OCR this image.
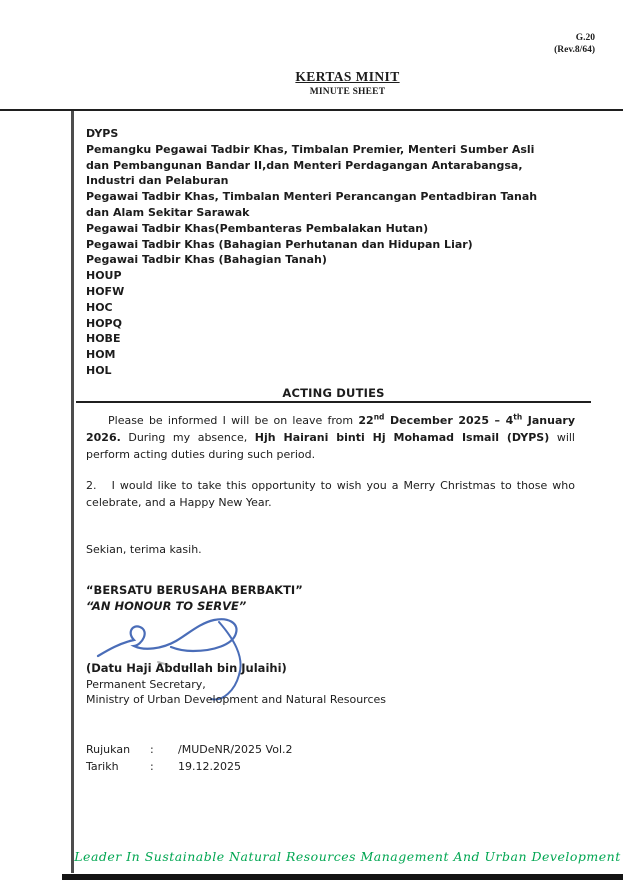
G.20
(Rev.8/64)
KERTAS MINIT
MINUTE SHEET
DYPS
Pemangku Pegawai Tadbir Khas, Timbalan Premier, Menteri Sumber Asli
dan Pembangunan Bandar II,dan Menteri Perdagangan Antarabangsa,
Industri dan Pelaburan
Pegawai Tadbir Khas, Timbalan Menteri Perancangan Pentadbiran Tanah
dan Alam Sekitar Sarawak
Pegawai Tadbir Khas(Pembanteras Pembalakan Hutan)
Pegawai Tadbir Khas (Bahagian Perhutanan dan Hidupan Liar)
Pegawai Tadbir Khas (Bahagian Tanah)
HOUP
HOFW
HOC
HOPQ
HOBE
HOM
HOL
ACTING DUTIES

Please be informed I will be on leave from 22nd December 2025 – 4th January 2026. During my absence, Hjh Hairani binti Hj Mohamad Ismail (DYPS) will perform acting duties during such period.

2.   I would like to take this opportunity to wish you a Merry Christmas to those who celebrate, and a Happy New Year.

Sekian, terima kasih.
“BERSATU BERUSAHA BERBAKTI”
“AN HONOUR TO SERVE”
(Datu Haji Abdullah bin Julaihi)
Permanent Secretary,
Ministry of Urban Development and Natural Resources
Rujukan	:	/MUDeNR/2025 Vol.2
Tarikh	:	19.12.2025
Leader In Sustainable Natural Resources Management And Urban Development
